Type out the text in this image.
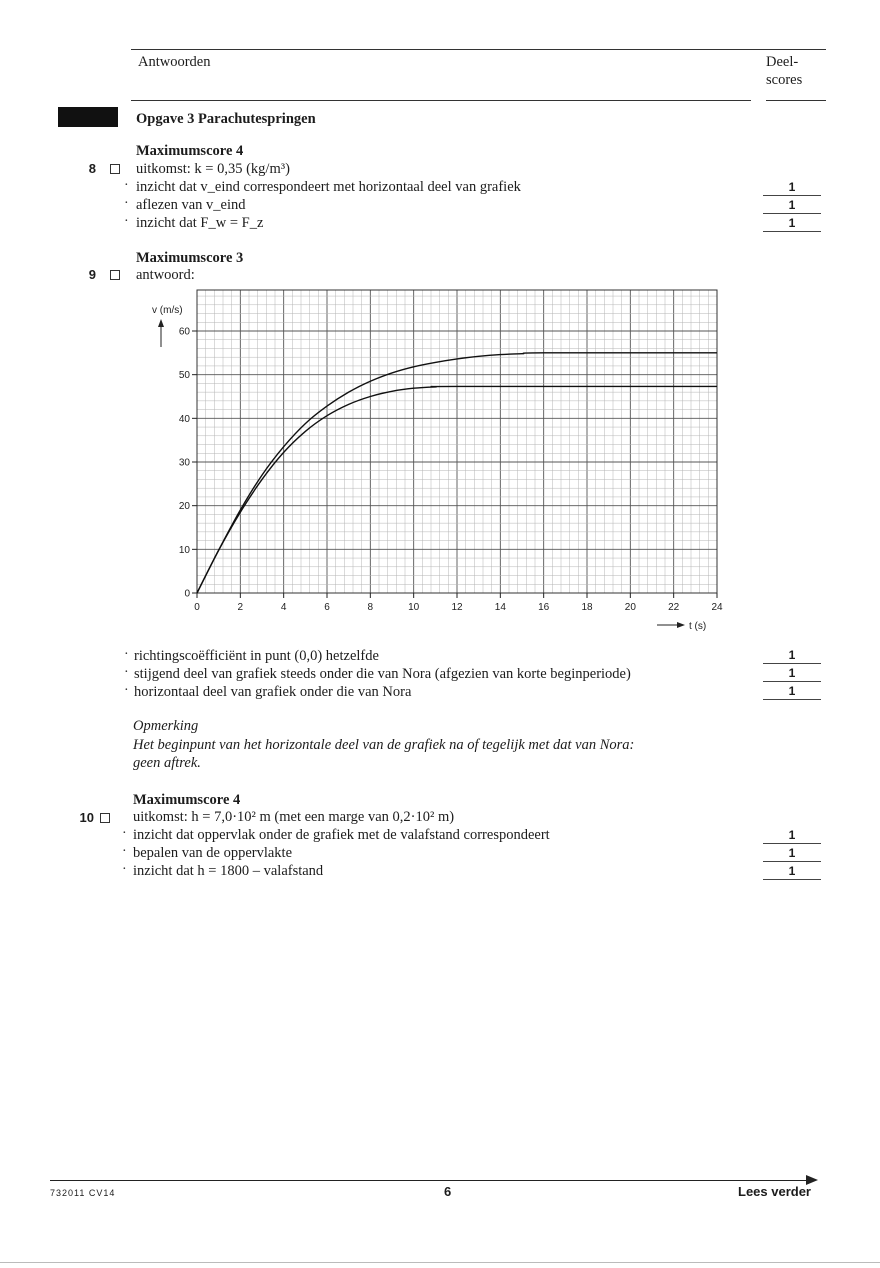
Antwoorden	Deel-
scores
Opgave 3 Parachutespringen
Maximumscore 4
8	uitkomst: k = 0,35 (kg/m³)
· inzicht dat v_eind correspondeert met horizontaal deel van grafiek	1
· aflezen van v_eind	1
· inzicht dat F_w = F_z	1
Maximumscore 3
9	antwoord:
0
10
20
30
40
50
60
0	2	4	6	8	10	12	14	16	18	20	22	24
v (m/s)
t (s)
· richtingscoëfficiënt in punt (0,0) hetzelfde	1
· stijgend deel van grafiek steeds onder die van Nora (afgezien van korte beginperiode)	1
· horizontaal deel van grafiek onder die van Nora	1
Opmerking
Het beginpunt van het horizontale deel van de grafiek na of tegelijk met dat van Nora:
geen aftrek.
Maximumscore 4
10	uitkomst: h = 7,0·10² m (met een marge van 0,2·10² m)
· inzicht dat oppervlak onder de grafiek met de valafstand correspondeert	1
· bepalen van de oppervlakte	1
· inzicht dat h = 1800 – valafstand	1
732011 CV14	6	Lees verder
